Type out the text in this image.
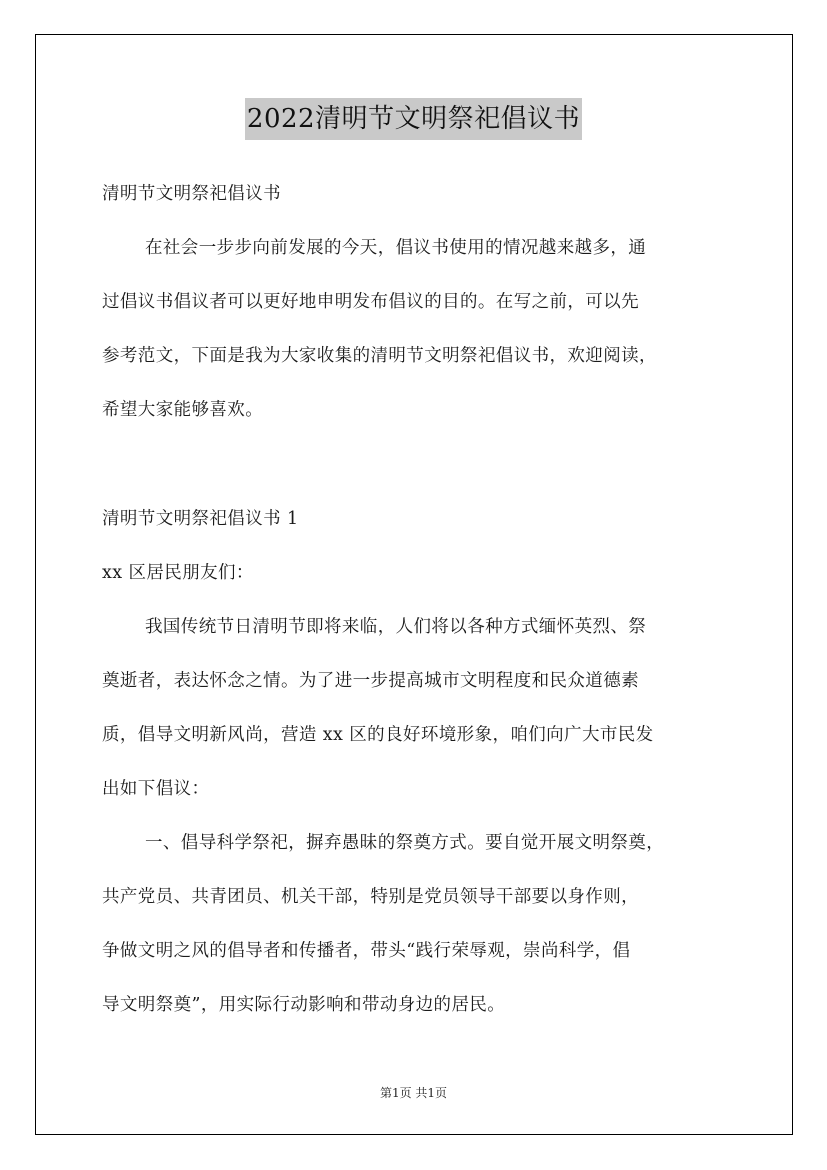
2022清明节文明祭祀倡议书
清明节文明祭祀倡议书
在社会一步步向前发展的今天，倡议书使用的情况越来越多，通
过倡议书倡议者可以更好地申明发布倡议的目的。在写之前，可以先
参考范文，下面是我为大家收集的清明节文明祭祀倡议书，欢迎阅读，
希望大家能够喜欢。
清明节文明祭祀倡议书 1
xx 区居民朋友们：
我国传统节日清明节即将来临，人们将以各种方式缅怀英烈、祭
奠逝者，表达怀念之情。为了进一步提高城市文明程度和民众道德素
质，倡导文明新风尚，营造 xx 区的良好环境形象，咱们向广大市民发
出如下倡议：
一、倡导科学祭祀，摒弃愚昧的祭奠方式。要自觉开展文明祭奠，
共产党员、共青团员、机关干部，特别是党员领导干部要以身作则，
争做文明之风的倡导者和传播者，带头“践行荣辱观，崇尚科学，倡
导文明祭奠”，用实际行动影响和带动身边的居民。
第1页 共1页
